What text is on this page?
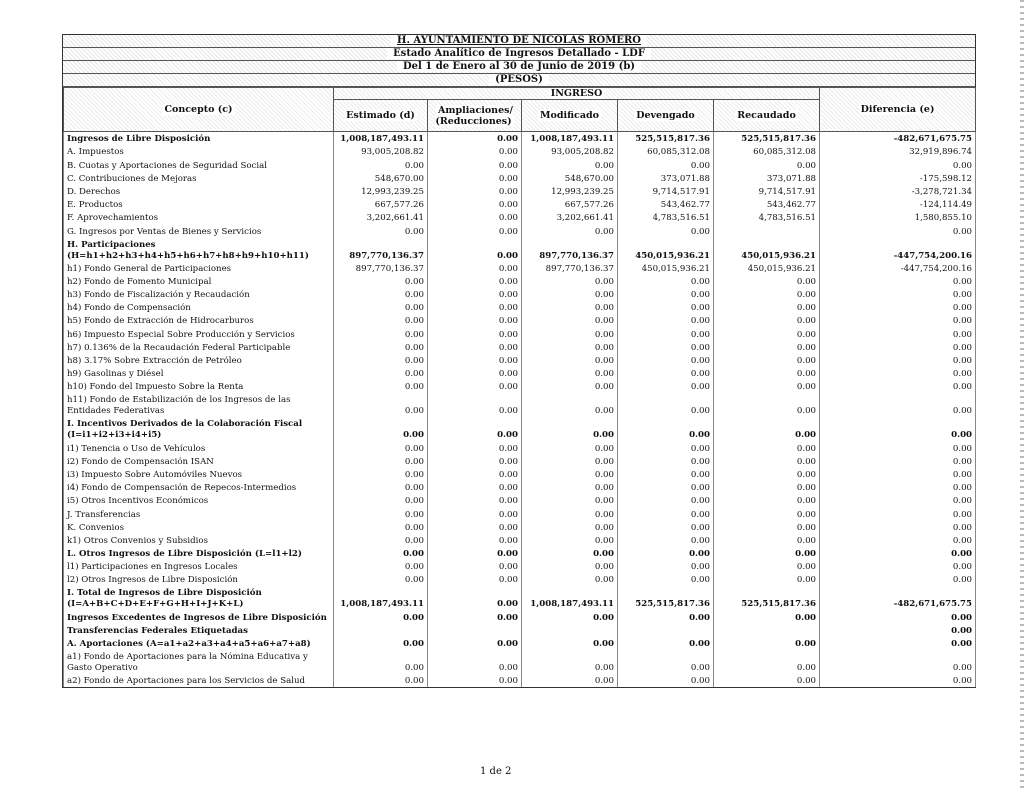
H. AYUNTAMIENTO DE NICOLAS ROMERO
Estado Analítico de Ingresos Detallado - LDF
Del 1 de Enero al 30 de Junio de 2019 (b)
(PESOS)
Concepto (c)	INGRESO					Diferencia (e)
	Estimado (d)	Ampliaciones/ (Reducciones)	Modificado	Devengado	Recaudado	
Ingresos de Libre Disposición	1,008,187,493.11	0.00	1,008,187,493.11	525,515,817.36	525,515,817.36	-482,671,675.75
A. Impuestos	93,005,208.82	0.00	93,005,208.82	60,085,312.08	60,085,312.08	32,919,896.74
B. Cuotas y Aportaciones de Seguridad Social	0.00	0.00	0.00	0.00	0.00	0.00
C. Contribuciones de Mejoras	548,670.00	0.00	548,670.00	373,071.88	373,071.88	-175,598.12
D. Derechos	12,993,239.25	0.00	12,993,239.25	9,714,517.91	9,714,517.91	-3,278,721.34
E. Productos	667,577.26	0.00	667,577.26	543,462.77	543,462.77	-124,114.49
F. Aprovechamientos	3,202,661.41	0.00	3,202,661.41	4,783,516.51	4,783,516.51	1,580,855.10
G. Ingresos por Ventas de Bienes y Servicios	0.00	0.00	0.00	0.00		0.00
H. Participaciones (H=h1+h2+h3+h4+h5+h6+h7+h8+h9+h10+h11)	897,770,136.37	0.00	897,770,136.37	450,015,936.21	450,015,936.21	-447,754,200.16
h1) Fondo General de Participaciones	897,770,136.37	0.00	897,770,136.37	450,015,936.21	450,015,936.21	-447,754,200.16
h2) Fondo de Fomento Municipal	0.00	0.00	0.00	0.00	0.00	0.00
h3) Fondo de Fiscalización y Recaudación	0.00	0.00	0.00	0.00	0.00	0.00
h4) Fondo de Compensación	0.00	0.00	0.00	0.00	0.00	0.00
h5) Fondo de Extracción de Hidrocarburos	0.00	0.00	0.00	0.00	0.00	0.00
h6) Impuesto Especial Sobre Producción y Servicios	0.00	0.00	0.00	0.00	0.00	0.00
h7) 0.136% de la Recaudación Federal Participable	0.00	0.00	0.00	0.00	0.00	0.00
h8) 3.17% Sobre Extracción de Petróleo	0.00	0.00	0.00	0.00	0.00	0.00
h9) Gasolinas y Diésel	0.00	0.00	0.00	0.00	0.00	0.00
h10) Fondo del Impuesto Sobre la Renta	0.00	0.00	0.00	0.00	0.00	0.00
h11) Fondo de Estabilización de los Ingresos de las Entidades Federativas	0.00	0.00	0.00	0.00	0.00	0.00
I. Incentivos Derivados de la Colaboración Fiscal (I=i1+i2+i3+i4+i5)	0.00	0.00	0.00	0.00	0.00	0.00
i1) Tenencia o Uso de Vehículos	0.00	0.00	0.00	0.00	0.00	0.00
i2) Fondo de Compensación ISAN	0.00	0.00	0.00	0.00	0.00	0.00
i3) Impuesto Sobre Automóviles Nuevos	0.00	0.00	0.00	0.00	0.00	0.00
i4) Fondo de Compensación de Repecos-Intermedios	0.00	0.00	0.00	0.00	0.00	0.00
i5) Otros Incentivos Económicos	0.00	0.00	0.00	0.00	0.00	0.00
J. Transferencias	0.00	0.00	0.00	0.00	0.00	0.00
K. Convenios	0.00	0.00	0.00	0.00	0.00	0.00
k1) Otros Convenios y Subsidios	0.00	0.00	0.00	0.00	0.00	0.00
L. Otros Ingresos de Libre Disposición (L=l1+l2)	0.00	0.00	0.00	0.00	0.00	0.00
l1) Participaciones en Ingresos Locales	0.00	0.00	0.00	0.00	0.00	0.00
l2) Otros Ingresos de Libre Disposición	0.00	0.00	0.00	0.00	0.00	0.00
I. Total de Ingresos de Libre Disposición (I=A+B+C+D+E+F+G+H+I+J+K+L)	1,008,187,493.11	0.00	1,008,187,493.11	525,515,817.36	525,515,817.36	-482,671,675.75
Ingresos Excedentes de Ingresos de Libre Disposición	0.00	0.00	0.00	0.00	0.00	0.00
Transferencias Federales Etiquetadas						0.00
A. Aportaciones (A=a1+a2+a3+a4+a5+a6+a7+a8)	0.00	0.00	0.00	0.00	0.00	0.00
a1) Fondo de Aportaciones para la Nómina Educativa y Gasto Operativo	0.00	0.00	0.00	0.00	0.00	0.00
a2) Fondo de Aportaciones para los Servicios de Salud	0.00	0.00	0.00	0.00	0.00	0.00
1 de 2
